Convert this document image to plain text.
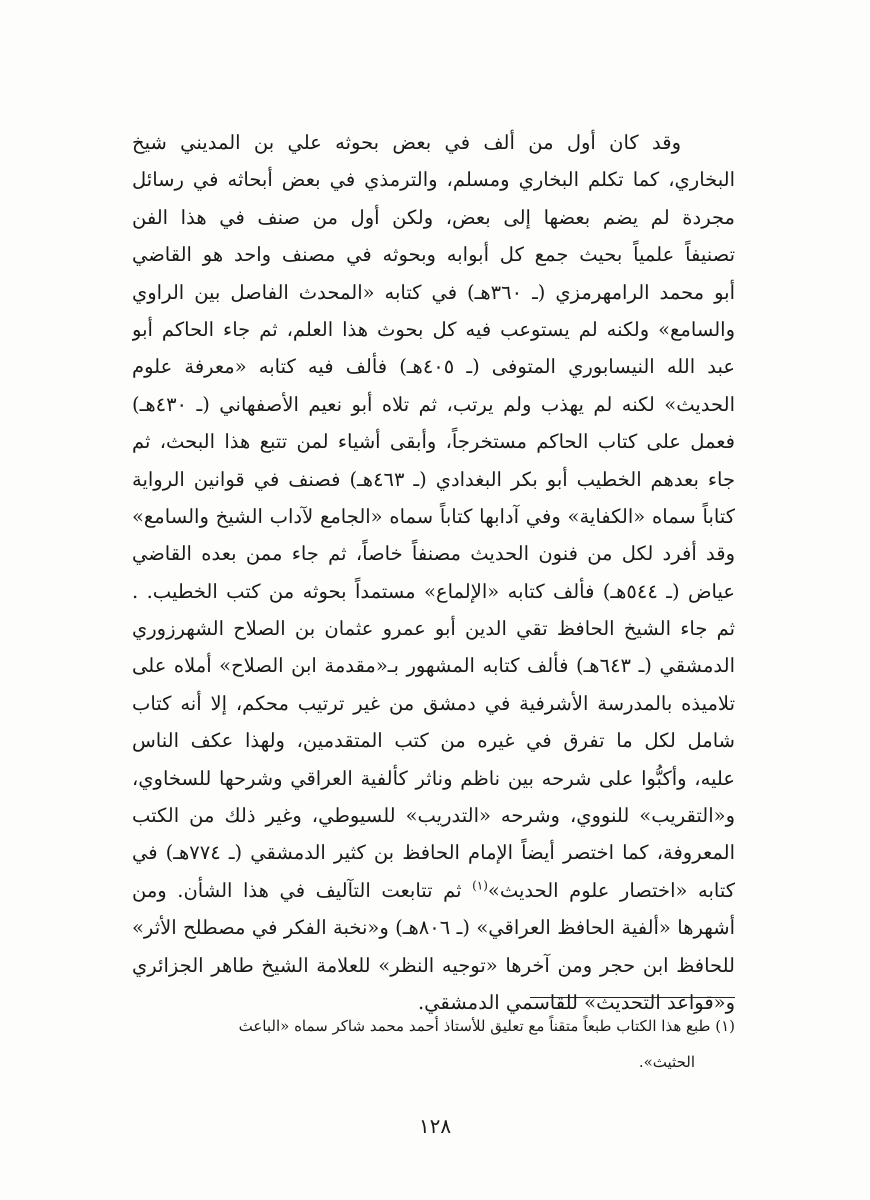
وقد كان أول من ألف في بعض بحوثه علي بن المديني شيخ
البخاري، كما تكلم البخاري ومسلم، والترمذي في بعض أبحاثه في رسائل
مجردة لم يضم بعضها إلى بعض، ولكن أول من صنف في هذا الفن
تصنيفاً علمياً بحيث جمع كل أبوابه وبحوثه في مصنف واحد هو القاضي
أبو محمد الرامهرمزي (ـ ٣٦٠هـ) في كتابه «المحدث الفاصل بين الراوي
والسامع» ولكنه لم يستوعب فيه كل بحوث هذا العلم، ثم جاء الحاكم أبو
عبد الله النيسابوري المتوفى (ـ ٤٠٥هـ) فألف فيه كتابه «معرفة علوم
الحديث» لكنه لم يهذب ولم يرتب، ثم تلاه أبو نعيم الأصفهاني (ـ ٤٣٠هـ)
فعمل على كتاب الحاكم مستخرجاً، وأبقى أشياء لمن تتبع هذا البحث، ثم
جاء بعدهم الخطيب أبو بكر البغدادي (ـ ٤٦٣هـ) فصنف في قوانين الرواية
كتاباً سماه «الكفاية» وفي آدابها كتاباً سماه «الجامع لآداب الشيخ والسامع»
وقد أفرد لكل من فنون الحديث مصنفاً خاصاً، ثم جاء ممن بعده القاضي
عياض (ـ ٥٤٤هـ) فألف كتابه «الإلماع» مستمداً بحوثه من كتب الخطيب. .
ثم جاء الشيخ الحافظ تقي الدين أبو عمرو عثمان بن الصلاح الشهرزوري
الدمشقي (ـ ٦٤٣هـ) فألف كتابه المشهور بـ«مقدمة ابن الصلاح» أملاه على
تلاميذه بالمدرسة الأشرفية في دمشق من غير ترتيب محكم، إلا أنه كتاب
شامل لكل ما تفرق في غيره من كتب المتقدمين، ولهذا عكف الناس
عليه، وأكبُّوا على شرحه بين ناظم وناثر كألفية العراقي وشرحها للسخاوي،
و«التقريب» للنووي، وشرحه «التدريب» للسيوطي، وغير ذلك من الكتب
المعروفة، كما اختصر أيضاً الإمام الحافظ بن كثير الدمشقي (ـ ٧٧٤هـ) في
كتابه «اختصار علوم الحديث»$^{(١)}$ ثم تتابعت التآليف في هذا الشأن. ومن
أشهرها «ألفية الحافظ العراقي» (ـ ٨٠٦هـ) و«نخبة الفكر في مصطلح الأثر»
للحافظ ابن حجر ومن آخرها «توجيه النظر» للعلامة الشيخ طاهر الجزائري
و«قواعد التحديث» للقاسمي الدمشقي.
(١) طبع هذا الكتاب طبعاً متقناً مع تعليق للأستاذ أحمد محمد شاكر سماه «الباعث
الحثيث».
١٢٨
